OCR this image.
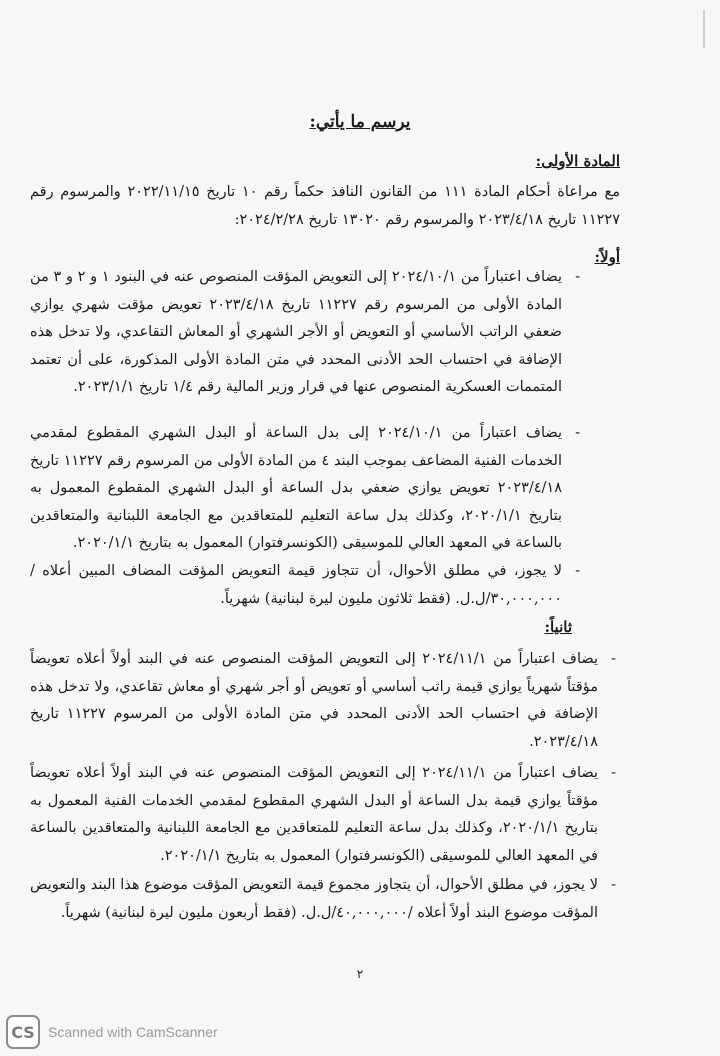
يرسم ما يأتي:
المادة الأولى:
مع مراعاة أحكام المادة ١١١ من القانون النافذ حكماً رقم ١٠ تاريخ ٢٠٢٢/١١/١٥ والمرسوم رقم ١١٢٢٧ تاريخ ٢٠٢٣/٤/١٨ والمرسوم رقم ١٣٠٢٠ تاريخ ٢٠٢٤/٢/٢٨:
أولاً:
-
يضاف اعتباراً من ٢٠٢٤/١٠/١ إلى التعويض المؤقت المنصوص عنه في البنود ١ و ٢ و ٣ من المادة الأولى من المرسوم رقم ١١٢٢٧ تاريخ ٢٠٢٣/٤/١٨ تعويض مؤقت شهري يوازي ضعفي الراتب الأساسي أو التعويض أو الأجر الشهري أو المعاش التقاعدي، ولا تدخل هذه الإضافة في احتساب الحد الأدنى المحدد في متن المادة الأولى المذكورة، على أن تعتمد المتممات العسكرية المنصوص عنها في قرار وزير المالية رقم ١/٤ تاريخ ٢٠٢٣/١/١.
-
يضاف اعتباراً من ٢٠٢٤/١٠/١ إلى بدل الساعة أو البدل الشهري المقطوع لمقدمي الخدمات الفنية المضاعف بموجب البند ٤ من المادة الأولى من المرسوم رقم ١١٢٢٧ تاريخ ٢٠٢٣/٤/١٨ تعويض يوازي ضعفي بدل الساعة أو البدل الشهري المقطوع المعمول به بتاريخ ٢٠٢٠/١/١، وكذلك بدل ساعة التعليم للمتعاقدين مع الجامعة اللبنانية والمتعاقدين بالساعة في المعهد العالي للموسيقى (الكونسرفتوار) المعمول به بتاريخ ٢٠٢٠/١/١.
-
لا يجوز، في مطلق الأحوال، أن تتجاوز قيمة التعويض المؤقت المضاف المبين أعلاه /٣٠,٠٠٠,٠٠٠/ل.ل. (فقط ثلاثون مليون ليرة لبنانية) شهرياً.
ثانياً:
-
يضاف اعتباراً من ٢٠٢٤/١١/١ إلى التعويض المؤقت المنصوص عنه في البند أولاً أعلاه تعويضاً مؤقتاً شهرياً يوازي قيمة راتب أساسي أو تعويض أو أجر شهري أو معاش تقاعدي، ولا تدخل هذه الإضافة في احتساب الحد الأدنى المحدد في متن المادة الأولى من المرسوم ١١٢٢٧ تاريخ ٢٠٢٣/٤/١٨.
-
يضاف اعتباراً من ٢٠٢٤/١١/١ إلى التعويض المؤقت المنصوص عنه في البند أولاً أعلاه تعويضاً مؤقتاً يوازي قيمة بدل الساعة أو البدل الشهري المقطوع لمقدمي الخدمات الفنية المعمول به بتاريخ ٢٠٢٠/١/١، وكذلك بدل ساعة التعليم للمتعاقدين مع الجامعة اللبنانية والمتعاقدين بالساعة في المعهد العالي للموسيقى (الكونسرفتوار) المعمول به بتاريخ ٢٠٢٠/١/١.
-
لا يجوز، في مطلق الأحوال، أن يتجاوز مجموع قيمة التعويض المؤقت موضوع هذا البند والتعويض المؤقت موضوع البند أولاً أعلاه /٤٠,٠٠٠,٠٠٠/ل.ل. (فقط أربعون مليون ليرة لبنانية) شهرياً.
٢
CS Scanned with CamScanner
